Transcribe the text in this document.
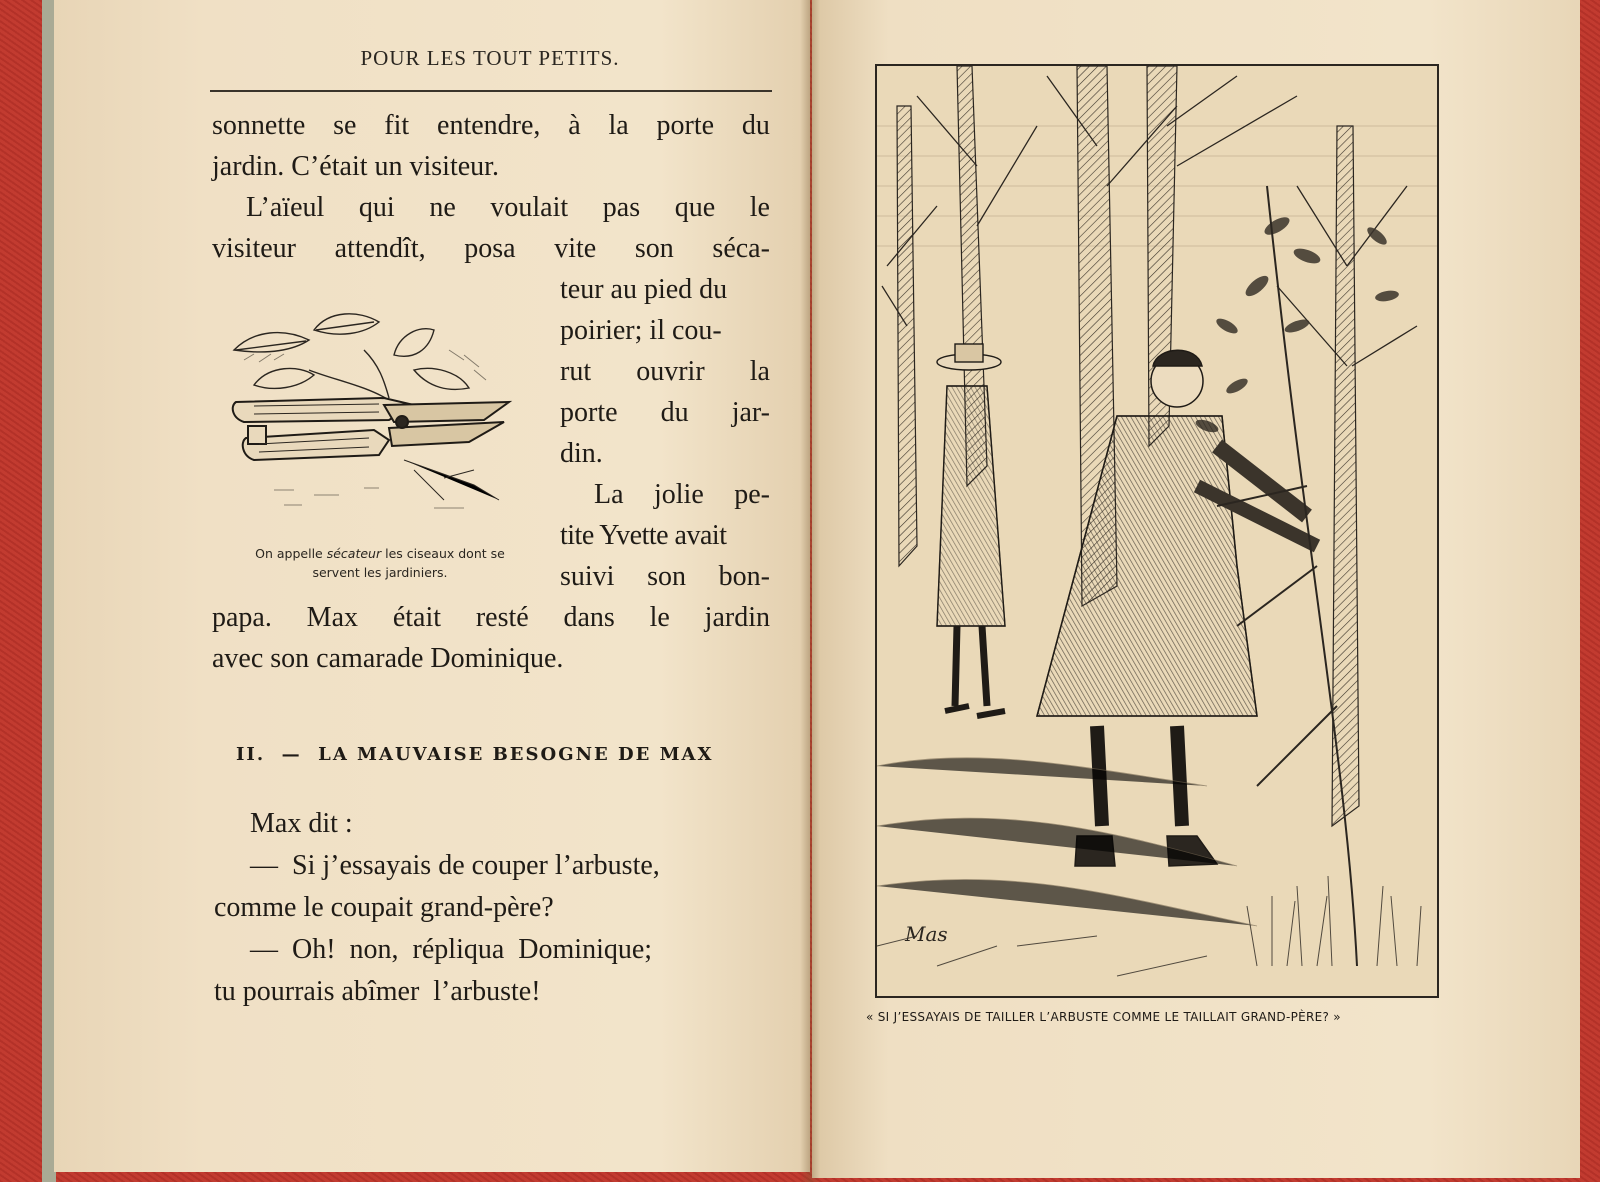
POUR LES TOUT PETITS.
sonnette se fit entendre, à la porte du
jardin. C’était un visiteur.
L’aïeul qui ne voulait pas que le
visiteur attendît, posa vite son séca-
teur au pied du
poirier; il cou-
rut ouvrir la
porte du jar-
din.
La jolie pe-
tite Yvette avait
suivi son bon-
papa. Max était resté dans le jardin
avec son camarade Dominique.
On appelle sécateur les ciseaux dont se
servent les jardiniers.
II.  —  LA MAUVAISE BESOGNE DE MAX
Max dit :
—  Si j’essayais de couper l’arbuste,
comme le coupait grand-père?
—  Oh!  non,  répliqua  Dominique;
tu pourrais abîmer  l’arbuste!
Mas
« SI J’ESSAYAIS DE TAILLER L’ARBUSTE COMME LE TAILLAIT GRAND-PÈRE? »
